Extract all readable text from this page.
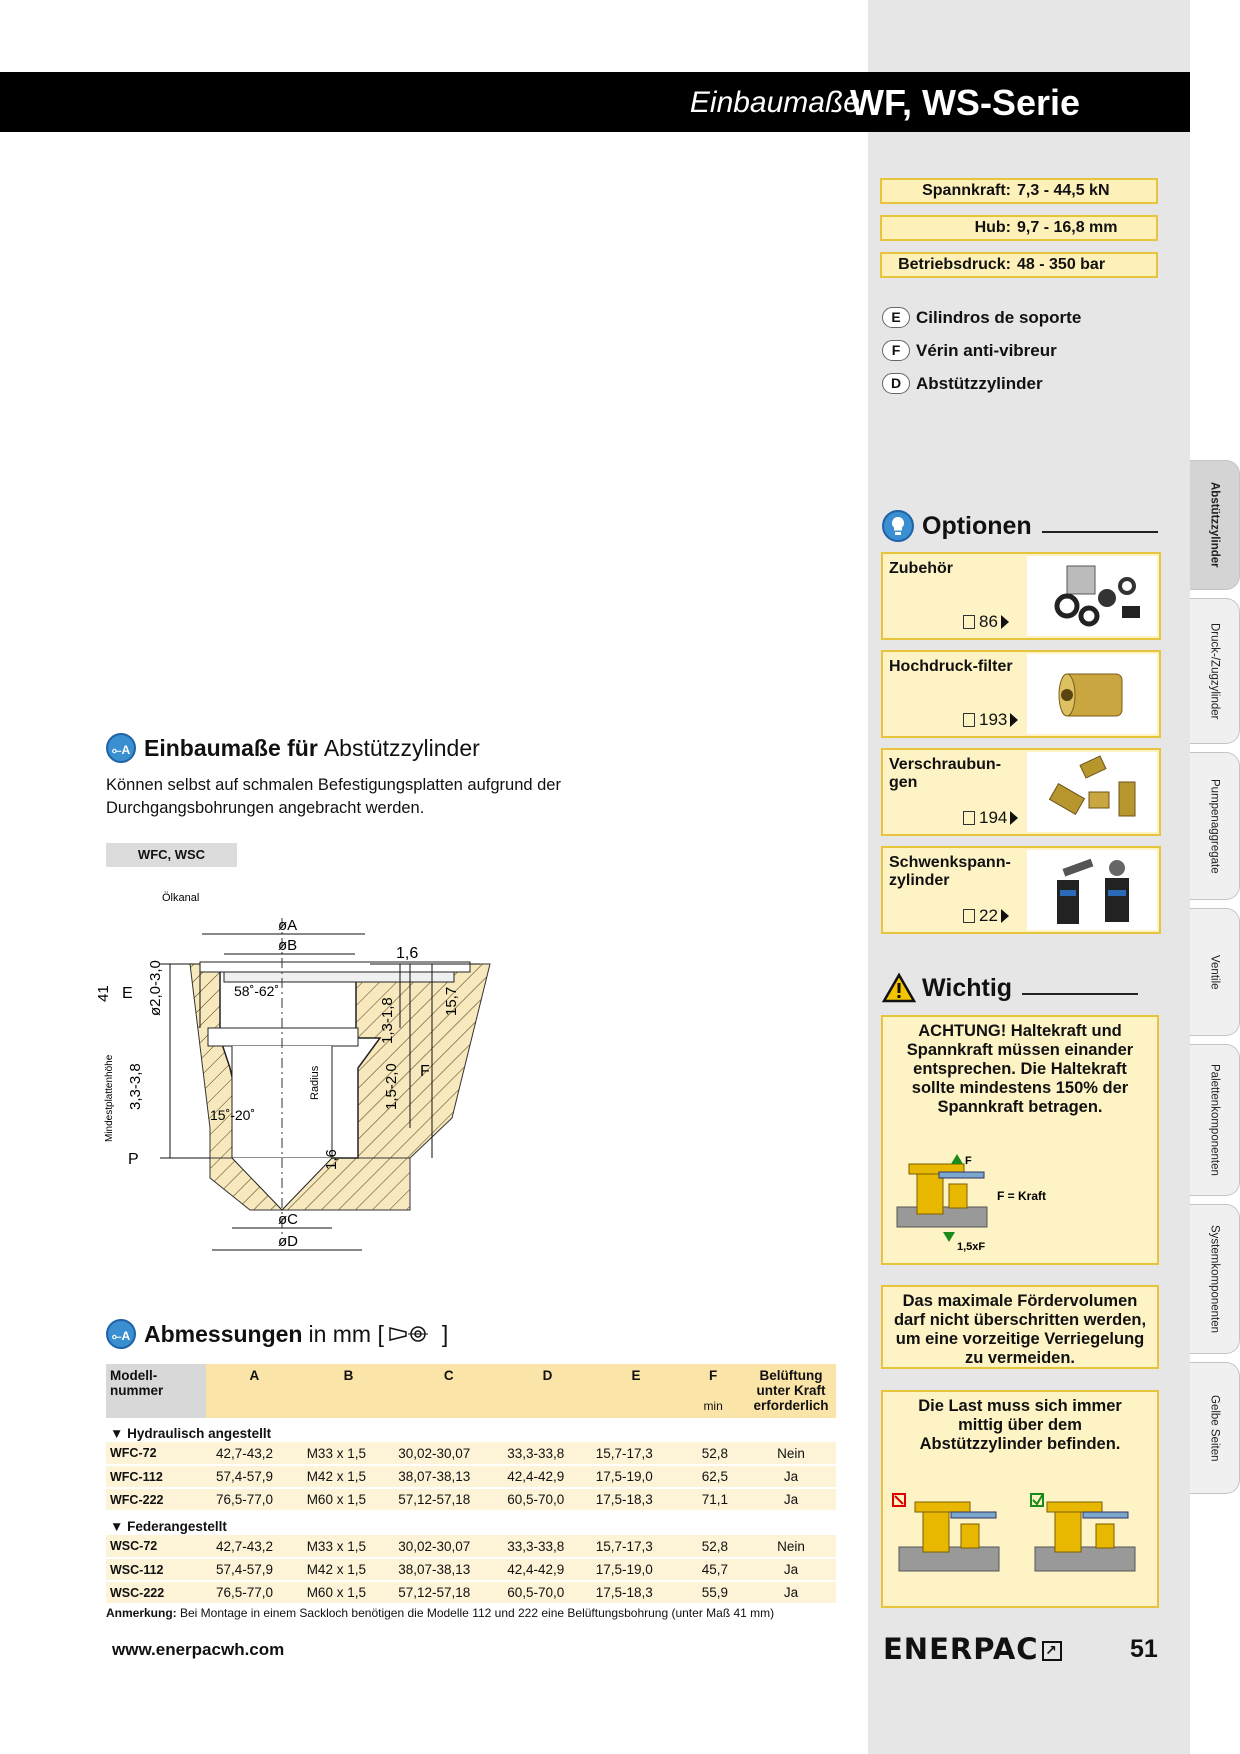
Abstützzylinder
Druck-/Zugzylinder
Pumpenaggregate
Ventile
Palettenkomponenten
Systemkomponenten
Gelbe Seiten
Einbaumaße
WF, WS-Serie
Spannkraft: 7,3 - 44,5 kN
Hub: 9,7 - 16,8 mm
Betriebsdruck: 48 - 350 bar
E Cilindros de soporte
F Vérin anti-vibreur
D Abstützzylinder
Optionen
Zubehör
86
Hochdruck-filter
193
Verschraubun-gen
194
Schwenkspann-zylinder
22
Wichtig
ACHTUNG! Haltekraft und Spannkraft müssen einander entsprechen. Die Haltekraft sollte mindestens 150% der Spannkraft betragen.
F
F = Kraft
1,5xF
Das maximale Fördervolumen darf nicht überschritten werden, um eine vorzeitige Verriegelung zu vermeiden.
Die Last muss sich immer mittig über dem Abstützzylinder befinden.
⟜A Einbaumaße für Abstützzylinder
Können selbst auf schmalen Befestigungsplatten aufgrund der Durchgangsbohrungen angebracht werden.
WFC, WSC
Ölkanal
øA
øB
øC
øD
1,6
58˚-62˚
15˚-20˚
E
F
P
41 ø2,0-3,0
3,3-3,8
1,3-1,8	15,7
1,5-2,0
1,6
Radius
Mindestplattenhöhe
⟜A Abmessungen in mm [	]
Modell-nummer	A	B	C	D	E	F

min	Belüftung unter Kraft erforderlich
▼ Hydraulisch angestellt							
WFC-72	42,7-43,2	M33 x 1,5	30,02-30,07	33,3-33,8	15,7-17,3	52,8	Nein
WFC-112	57,4-57,9	M42 x 1,5	38,07-38,13	42,4-42,9	17,5-19,0	62,5	Ja
WFC-222	76,5-77,0	M60 x 1,5	57,12-57,18	60,5-70,0	17,5-18,3	71,1	Ja
▼ Federangestellt							
WSC-72	42,7-43,2	M33 x 1,5	30,02-30,07	33,3-33,8	15,7-17,3	52,8	Nein
WSC-112	57,4-57,9	M42 x 1,5	38,07-38,13	42,4-42,9	17,5-19,0	45,7	Ja
WSC-222	76,5-77,0	M60 x 1,5	57,12-57,18	60,5-70,0	17,5-18,3	55,9	Ja
Anmerkung: Bei Montage in einem Sackloch benötigen die Modelle 112 und 222 eine Belüftungsbohrung (unter Maß 41 mm)
www.enerpacwh.com	ENERPAC ↗	51
